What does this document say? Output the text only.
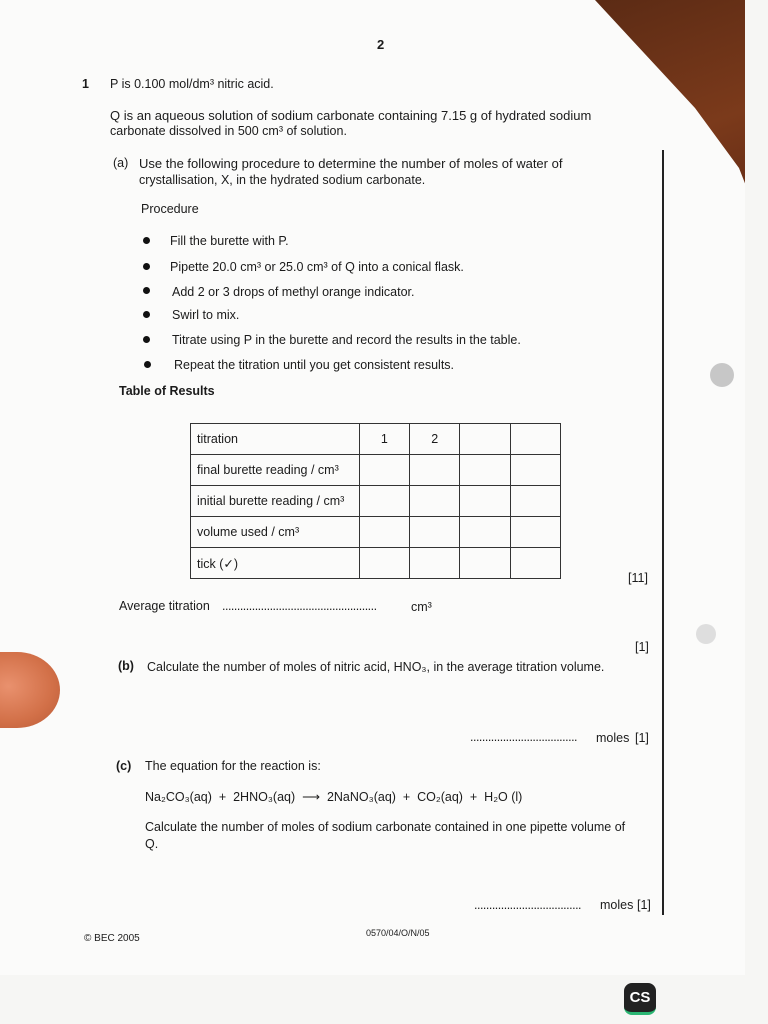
2
1 P is 0.100 mol/dm³ nitric acid.
Q is an aqueous solution of sodium carbonate containing 7.15 g of hydrated sodium
carbonate dissolved in 500 cm³ of solution.
(a) Use the following procedure to determine the number of moles of water of
crystallisation, X, in the hydrated sodium carbonate.
Procedure
Fill the burette with P.
Pipette 20.0 cm³ or 25.0 cm³ of Q into a conical flask.
Add 2 or 3 drops of methyl orange indicator.
Swirl to mix.
Titrate using P in the burette and record the results in the table.
Repeat the titration until you get consistent results.
Table of Results
titration	1	2		
final burette reading / cm³				
initial burette reading / cm³				
volume used / cm³				
tick (✓)				
[11]
Average titration ....................................................	cm³
[1]
(b) Calculate the number of moles of nitric acid, HNO₃, in the average titration volume.
.................................... moles [1]
(c) The equation for the reaction is:
Na₂CO₃(aq)  +  2HNO₃(aq)  ⟶  2NaNO₃(aq)  +  CO₂(aq)  +  H₂O (l)
Calculate the number of moles of sodium carbonate contained in one pipette volume of
Q.
.................................... moles [1]
© BEC 2005	0570/04/O/N/05
CS
